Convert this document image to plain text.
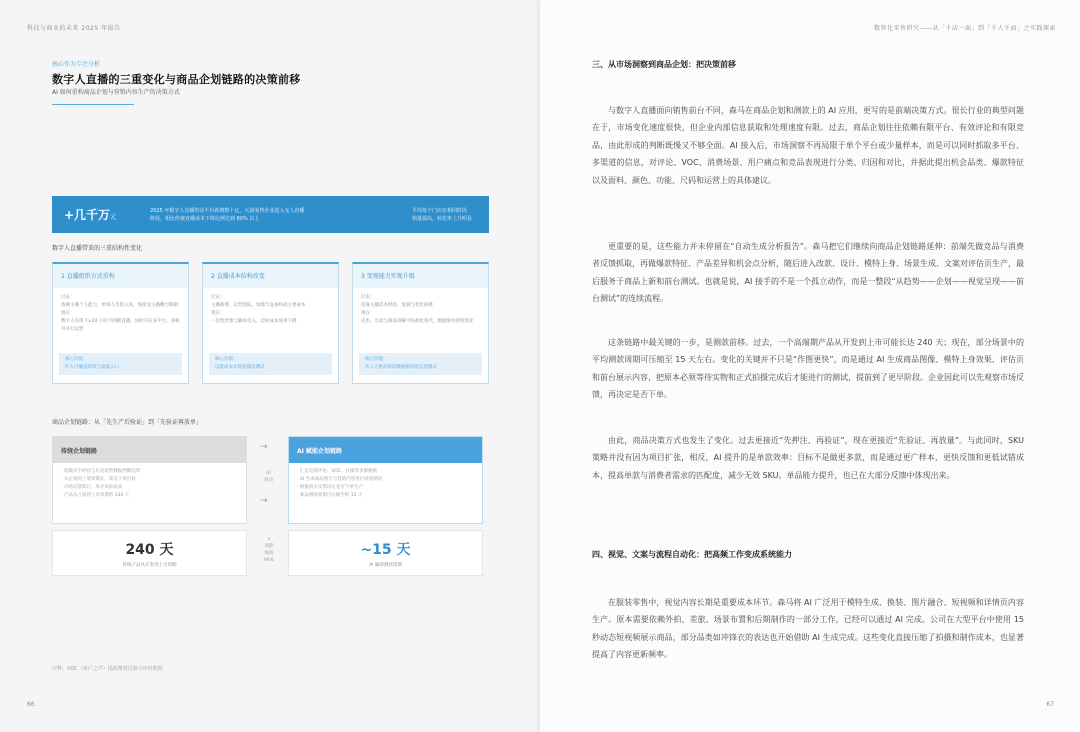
科技与商业的未来 2025 年报告
核心作为专注分析
数字人直播的三重变化与商品企划链路的决策前移
AI 如何重构商品企划与营销内容生产的决策方式
+几千万元
2025 年数字人直播带动平台新增数十亿，大量零售企业进入无人直播
阶段，相比传统直播成本下降比例达到 80% 以上
平均每个门店在相同时段
销量提高，转化率上升明显
数字人直播带来的三重结构性变化
1 直播组织方式重构
过去：
依赖主播个人能力，单场人员投入高，场次受主播精力限制
现在：
数字人实现 7×24 小时不间断直播，同时可在多平台、多账号并行运营
核心价值：
扩大可覆盖时段与流量入口
2 直播成本结构改变
过去：
主播薪资、运营团队、场地与设备构成主要成本
现在：
一次性形象与脚本投入，边际成本显著下降
核心价值：
以低成本实现高频次测试
3 变现能力实现升级
过去：
依靠主播话术经验，复制与优化困难
现在：
话术、互动与商品讲解可标准化迭代，数据驱动持续优化
核心价值：
从人力驱动转向数据驱动的运营模式
商品企划链路：从「先生产后验证」到「先验证再放单」
传统企划链路
· 依赖买手经验与历史销售数据判断趋势
· 从企划到上架周期长，需先下单打样
· 市场反馈滞后，库存风险较高
· 产品从立项到上市周期约 240 天
→
AI
驱动
→
AI 赋能企划链路
· 汇总电商评论、VOC、社媒等多源数据
· AI 生成商品图片与营销内容进行前置测试
· 根据真实反馈决定是否下单生产
· 新品测款周期可压缩至约 15 天
240 天
传统产品从开发到上市周期
∨
周期
缩短
94%
~15 天
AI 辅助测款周期
注释：VOC（客户之声）指消费者反馈与评价数据
66
数智化零售研究——从「千店一面」到「千人千面」之实践探索
三、从市场洞察到商品企划：把决策前移

与数字人直播面向销售前台不同，森马在商品企划和测款上的 AI 应用，更写的是前端决策方式。很长行业的典型问题在于，市场变化速度很快，但企业内部信息获取和处理速度有限。过去，商品企划往往依赖有限平台、有效评论和有限竞品，由此形成的判断既慢又不够全面。AI 接入后，市场洞察不再局限于单个平台或少量样本，而是可以同时抓取多平台、多渠道的信息，对评论、VOC、消费场景、用户痛点和竞品表现进行分类、归因和对比，并据此提出机会品类、爆款特征以及面料、颜色、功能、尺码和运营上的具体建议。

更重要的是，这些能力并未停留在“自动生成分析报告”。森马把它们继续向商品企划链路延伸：前端先做竞品与消费者反馈抓取，再做爆款特征、产品差异和机会点分析，随后进入改款、设计、模特上身、场景生成、文案对评估页生产，最后服务于商品上新和前台测试。也就是说，AI 接手的不是一个孤立动作，而是一整段“从趋势——企划——视觉呈现——前台测试”的连续流程。

这条链路中最关键的一步，是测款前移。过去，一个高端期产品从开发到上市可能长达 240 天；现在，部分场景中的平均测款周期可压缩至 15 天左右。变化的关键并不只是“作图更快”，而是通过 AI 生成商品图像、模特上身效果、评估页和前台展示内容，把原本必须等待实物和正式拍摄完成后才能进行的测试，提前到了更早阶段。企业因此可以先观察市场反馈，再决定是否下单。

由此，商品决策方式也发生了变化。过去更接近“先押注、再验证”，现在更接近“先验证、再放量”。与此同时，SKU 策略并没有因为项目扩张，相反，AI 提升的是单款效率：目标不是做更多款，而是通过更广样本、更快反馈和更低试错成本，提高单款与消费者需求的匹配度，减少无效 SKU。单品能力提升，也已在大部分反馈中体现出来。

四、视觉、文案与流程自动化：把高频工作变成系统能力

在服装零售中，视觉内容长期是重要成本环节。森马将 AI 广泛用于模特生成、换装、图片融合、短视频和详情页内容生产。原本需要依赖外拍、差旅、场景布置和后期制作的一部分工作，已经可以通过 AI 完成。公司在大型平台中使用 15 秒动态短视频展示商品，部分品类如冲锋衣的表达也开始借助 AI 生成完成。这些变化直接压缩了拍摄和制作成本，也显著提高了内容更新频率。

67
